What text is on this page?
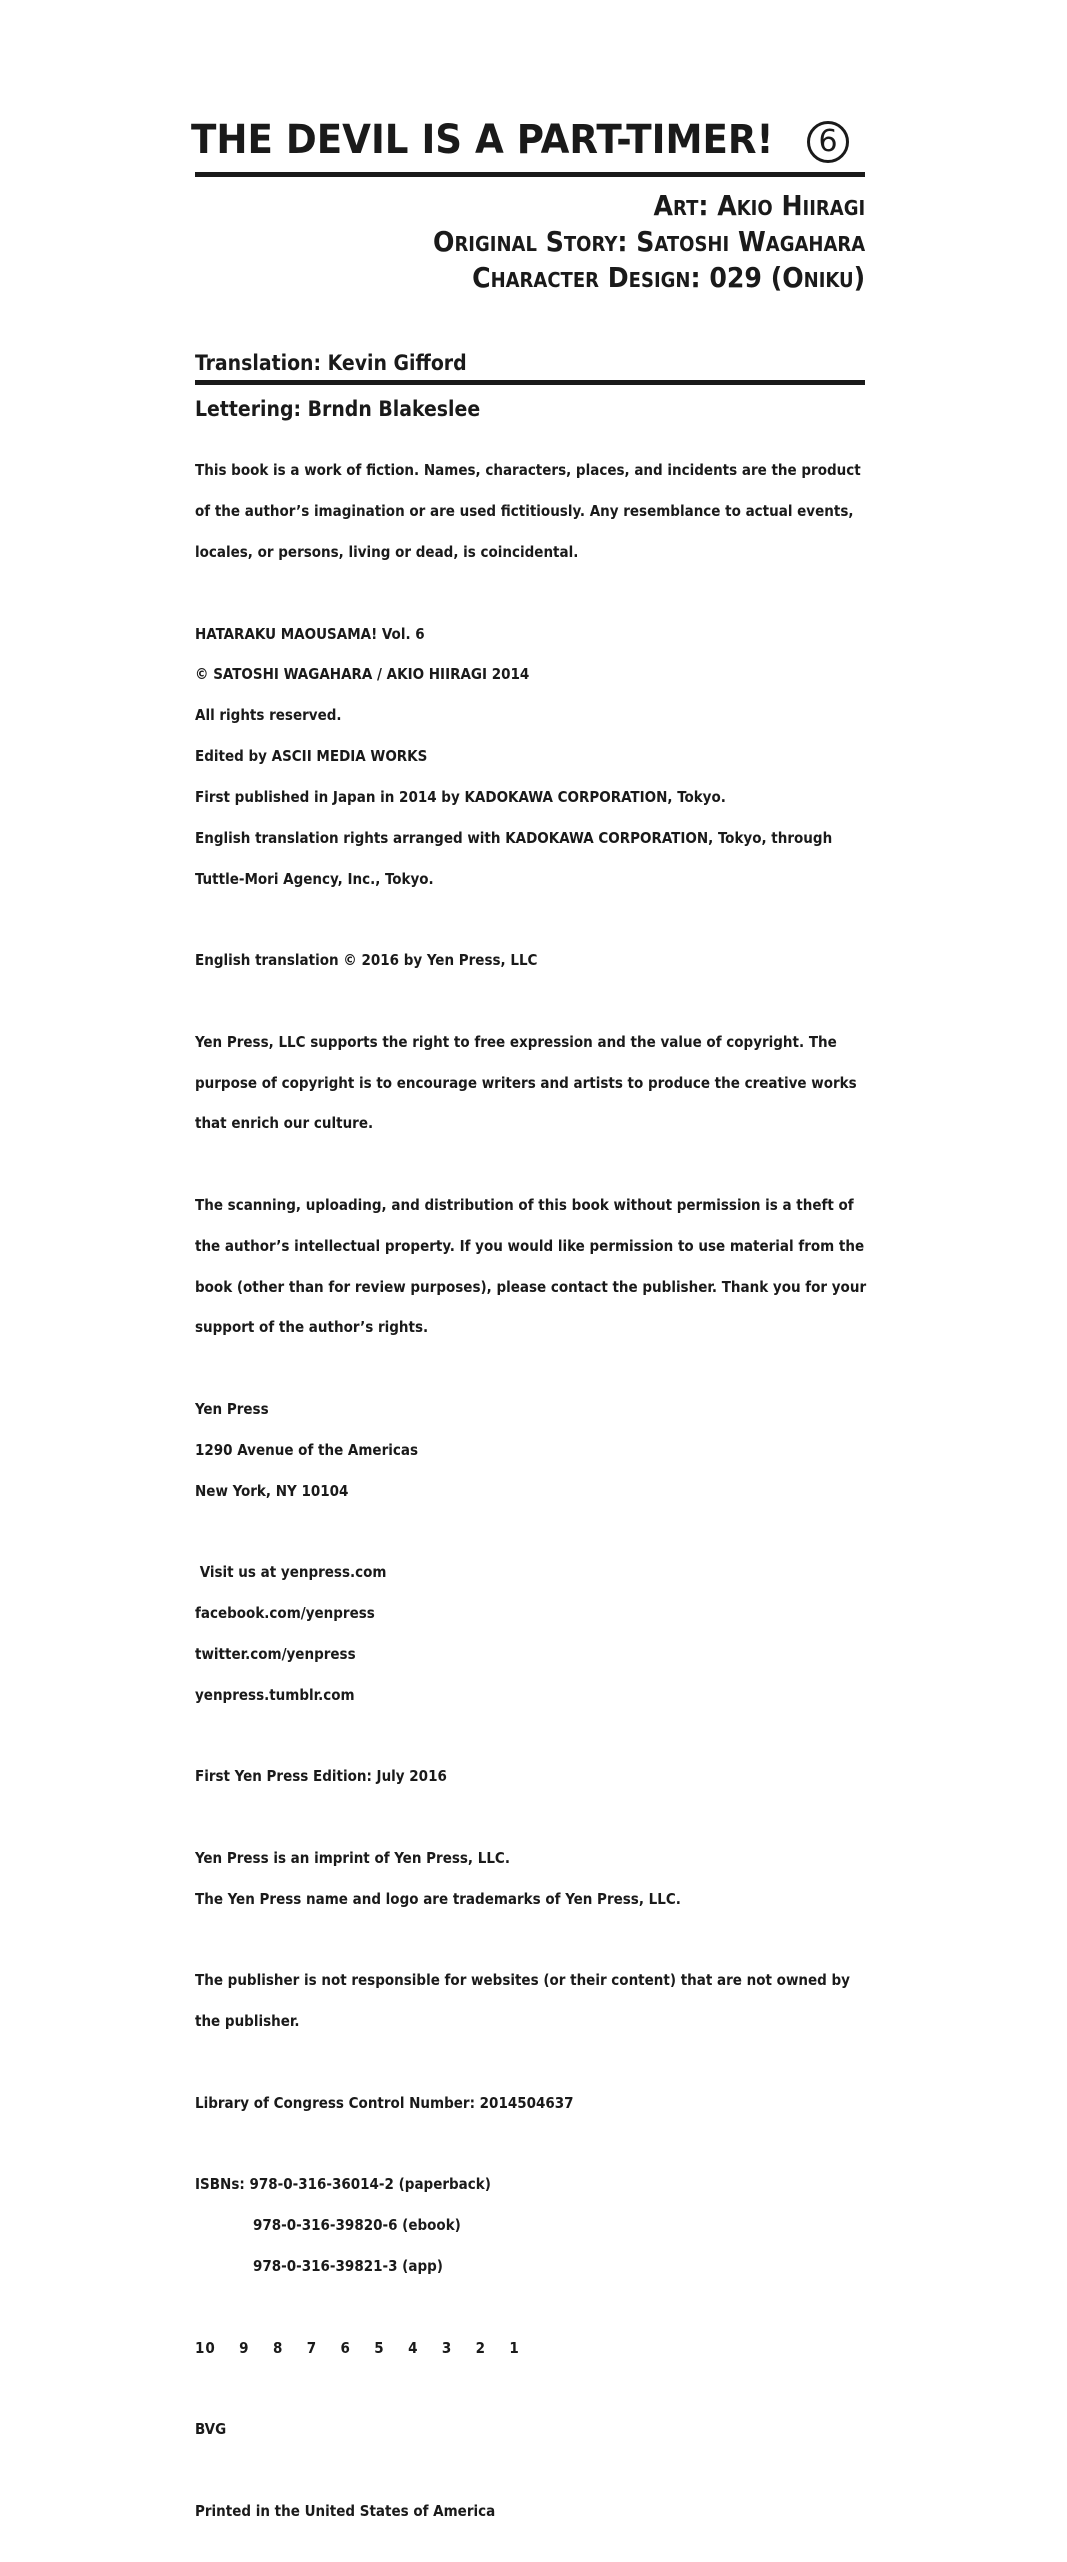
THE DEVIL IS A PART-TIMER!	6
Art: Akio Hiiragi
Original Story: Satoshi Wagahara
Character Design: 029 (Oniku)
Translation: Kevin Gifford
Lettering: Brndn Blakeslee

This book is a work of fiction. Names, characters, places, and incidents are the product

of the author’s imagination or are used fictitiously. Any resemblance to actual events,

locales, or persons, living or dead, is coincidental.

HATARAKU MAOUSAMA! Vol. 6

© SATOSHI WAGAHARA / AKIO HIIRAGI 2014

All rights reserved.

Edited by ASCII MEDIA WORKS

First published in Japan in 2014 by KADOKAWA CORPORATION, Tokyo.

English translation rights arranged with KADOKAWA CORPORATION, Tokyo, through

Tuttle-Mori Agency, Inc., Tokyo.

English translation © 2016 by Yen Press, LLC

Yen Press, LLC supports the right to free expression and the value of copyright. The

purpose of copyright is to encourage writers and artists to produce the creative works

that enrich our culture.

The scanning, uploading, and distribution of this book without permission is a theft of

the author’s intellectual property. If you would like permission to use material from the

book (other than for review purposes), please contact the publisher. Thank you for your

support of the author’s rights.

Yen Press

1290 Avenue of the Americas

New York, NY 10104

Visit us at yenpress.com

facebook.com/yenpress

twitter.com/yenpress

yenpress.tumblr.com

First Yen Press Edition: July 2016

Yen Press is an imprint of Yen Press, LLC.

The Yen Press name and logo are trademarks of Yen Press, LLC.

The publisher is not responsible for websites (or their content) that are not owned by

the publisher.

Library of Congress Control Number: 2014504637

ISBNs: 978-0-316-36014-2 (paperback)

978-0-316-39820-6 (ebook)

978-0-316-39821-3 (app)

10  9  8  7  6  5  4  3  2  1

BVG

Printed in the United States of America
